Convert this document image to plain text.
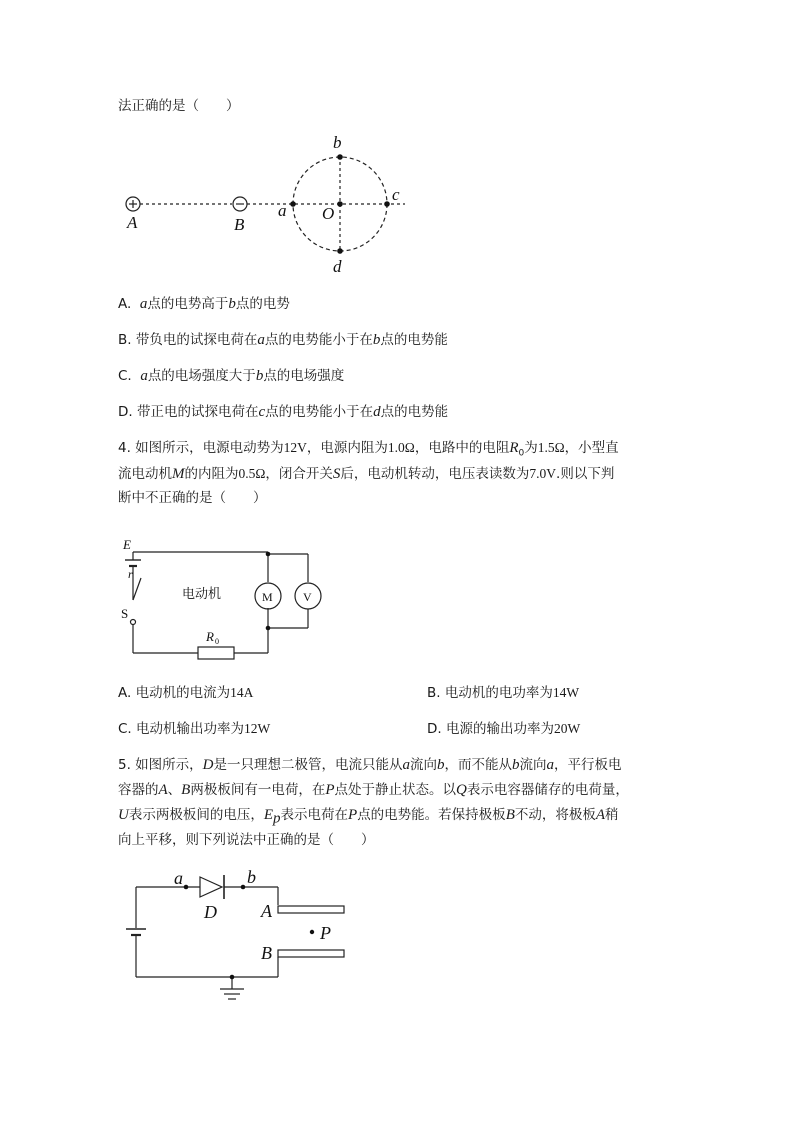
法正确的是（　　）
A	B
a
b
c
d
O
A. a点的电势高于b点的电势
B. 带负电的试探电荷在a点的电势能小于在b点的电势能
C. a点的电场强度大于b点的电场强度
D. 带正电的试探电荷在c点的电势能小于在d点的电势能
4. 如图所示，电源电动势为12V，电源内阻为1.0Ω，电路中的电阻$R_0$为1.5Ω，小型直
流电动机M的内阻为0.5Ω，闭合开关S后，电动机转动，电压表读数为7.0V.则以下判
断中不正确的是（　　）
E
r
S
电动机	M	V
R 0
A. 电动机的电流为14A	B. 电动机的电功率为14W
C. 电动机输出功率为12W	D. 电源的输出功率为20W
5. 如图所示，D是一只理想二极管，电流只能从a流向b，而不能从b流向a，平行板电
容器的A、B两极板间有一电荷，在P点处于静止状态。以Q表示电容器储存的电荷量，
U表示两极板间的电压，$E_p$表示电荷在P点的电势能。若保持极板B不动，将极板A稍
向上平移，则下列说法中正确的是（　　）
a	b
D A
B
P
